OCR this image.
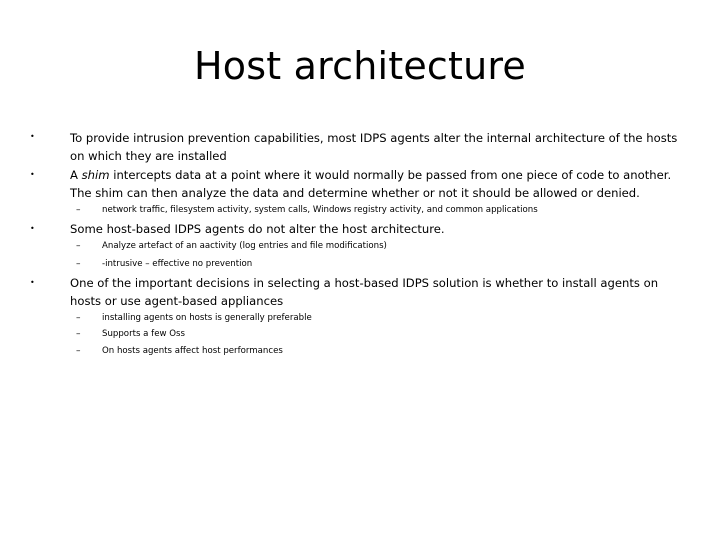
Host architecture
•	To provide intrusion prevention capabilities, most IDPS agents alter the internal architecture of the hosts on which they are installed
•	A shim intercepts data at a point where it would normally be passed from one piece of code to another. The shim can then analyze the data and determine whether or not it should be allowed or denied.
–	network traffic, filesystem activity, system calls, Windows registry activity, and common applications
•	Some host-based IDPS agents do not alter the host architecture.
–	Analyze artefact of an aactivity (log entries and file modifications)
–	-intrusive – effective no prevention
•	One of the important decisions in selecting a host-based IDPS solution is whether to install agents on hosts or use agent-based appliances
–	installing agents on hosts is generally preferable
–	Supports a few Oss
–	On hosts agents affect host performances
